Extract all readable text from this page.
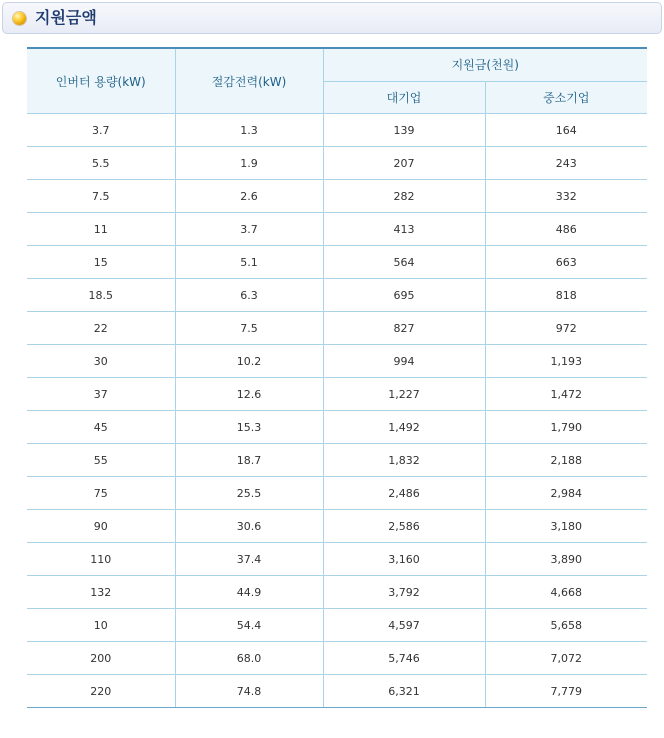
지원금액
인버터 용량(kW)	절감전력(kW)	지원금(천원)	
		대기업	중소기업
3.7	1.3	139	164
5.5	1.9	207	243
7.5	2.6	282	332
11	3.7	413	486
15	5.1	564	663
18.5	6.3	695	818
22	7.5	827	972
30	10.2	994	1,193
37	12.6	1,227	1,472
45	15.3	1,492	1,790
55	18.7	1,832	2,188
75	25.5	2,486	2,984
90	30.6	2,586	3,180
110	37.4	3,160	3,890
132	44.9	3,792	4,668
10	54.4	4,597	5,658
200	68.0	5,746	7,072
220	74.8	6,321	7,779
